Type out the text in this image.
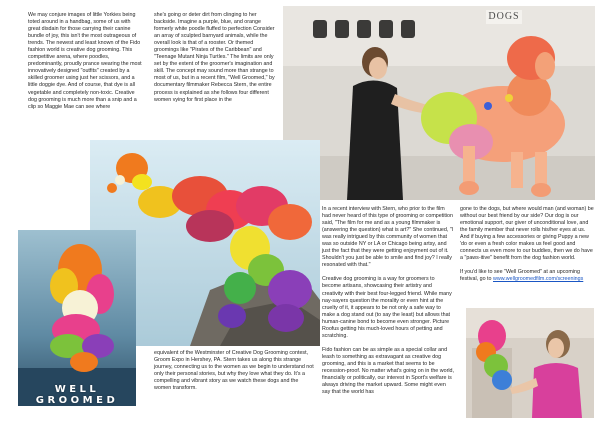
DOGS
WELL GROOMED

We may conjure images of little Yorkies being toted around in a handbag, some of us with great disdain for those carrying their canine bundle of joy, this isn't the most outrageous of trends. The newest and least known of the Fido fashion world is creative dog grooming. This competitive arena, where poodles, predominantly, proudly prance wearing the most innovatively designed "outfits" created by a skilled groomer using just her scissors, and a little doggie dye. And of course, that dye is all vegetable and completely non-toxic. Creative dog grooming is much more than a snip and a clip so Maggie Mae can see where

she's going or deter dirt from clinging to her backside. Imagine a purple, blue, and orange formerly white poodle fluffed to perfection Consider an array of sculpted barnyard animals, while the overall look is that of a rooster. Or themed groomings like "Pirates of the Caribbean" and "Teenage Mutant Ninja Turtles." The limits are only set by the extent of the groomer's imagination and skill. The concept may sound more than strange to most of us, but in a recent film, "Well Groomed," by documentary filmmaker Rebecca Stern, the entire process is explained as she follows four different women vying for first place in the

equivalent of the Westminster of Creative Dog Grooming contest, Groom Expo in Hershey, PA. Stern takes us along this strange journey, connecting us to the women as we begin to understand not only their personal stories, but why they love what they do. It's a compelling and vibrant story as we watch these dogs and the women transform.

In a recent interview with Stern, who prior to the film had never heard of this type of grooming or competition said, "The film for me and as a young filmmaker is (answering the question) what is art?" She continued, "I was really intrigued by this community of women that was so outside NY or LA or Chicago being artsy, and just the fact that they were getting enjoyment out of it. Shouldn't you just be able to smile and find joy? I really resonated with that."

Creative dog grooming is a way for groomers to become artisans, showcasing their artistry and creativity with their best four-legged friend. While many nay-sayers question the morality or even hint at the cruelty of it, it appears to be not only a safe way to make a dog stand out (to say the least) but allows that human-canine bond to become even stronger. Picture Roofus getting his much-loved hours of petting and scratching.

Fido fashion can be as simple as a special collar and leash to something as extravagant as creative dog grooming, and this is a market that seems to be recession-proof. No matter what's going on in the world, financially or politically, our interest in Sport's welfare is always driving the market upward. Some might even say that the world has

gone to the dogs, but where would man (and woman) be without our best friend by our side? Our dog is our emotional support, our giver of unconditional love, and the family member that never rolls his/her eyes at us. And if buying a few accessories or giving Puppy a new 'do or even a fresh color makes us feel good and connects us even more to our buddies, then we do have a "paws-itive" benefit from the dog fashion world.

If you'd like to see "Well Groomed" at an upcoming festival, go to www.wellgroomedfilm.com/screenings
